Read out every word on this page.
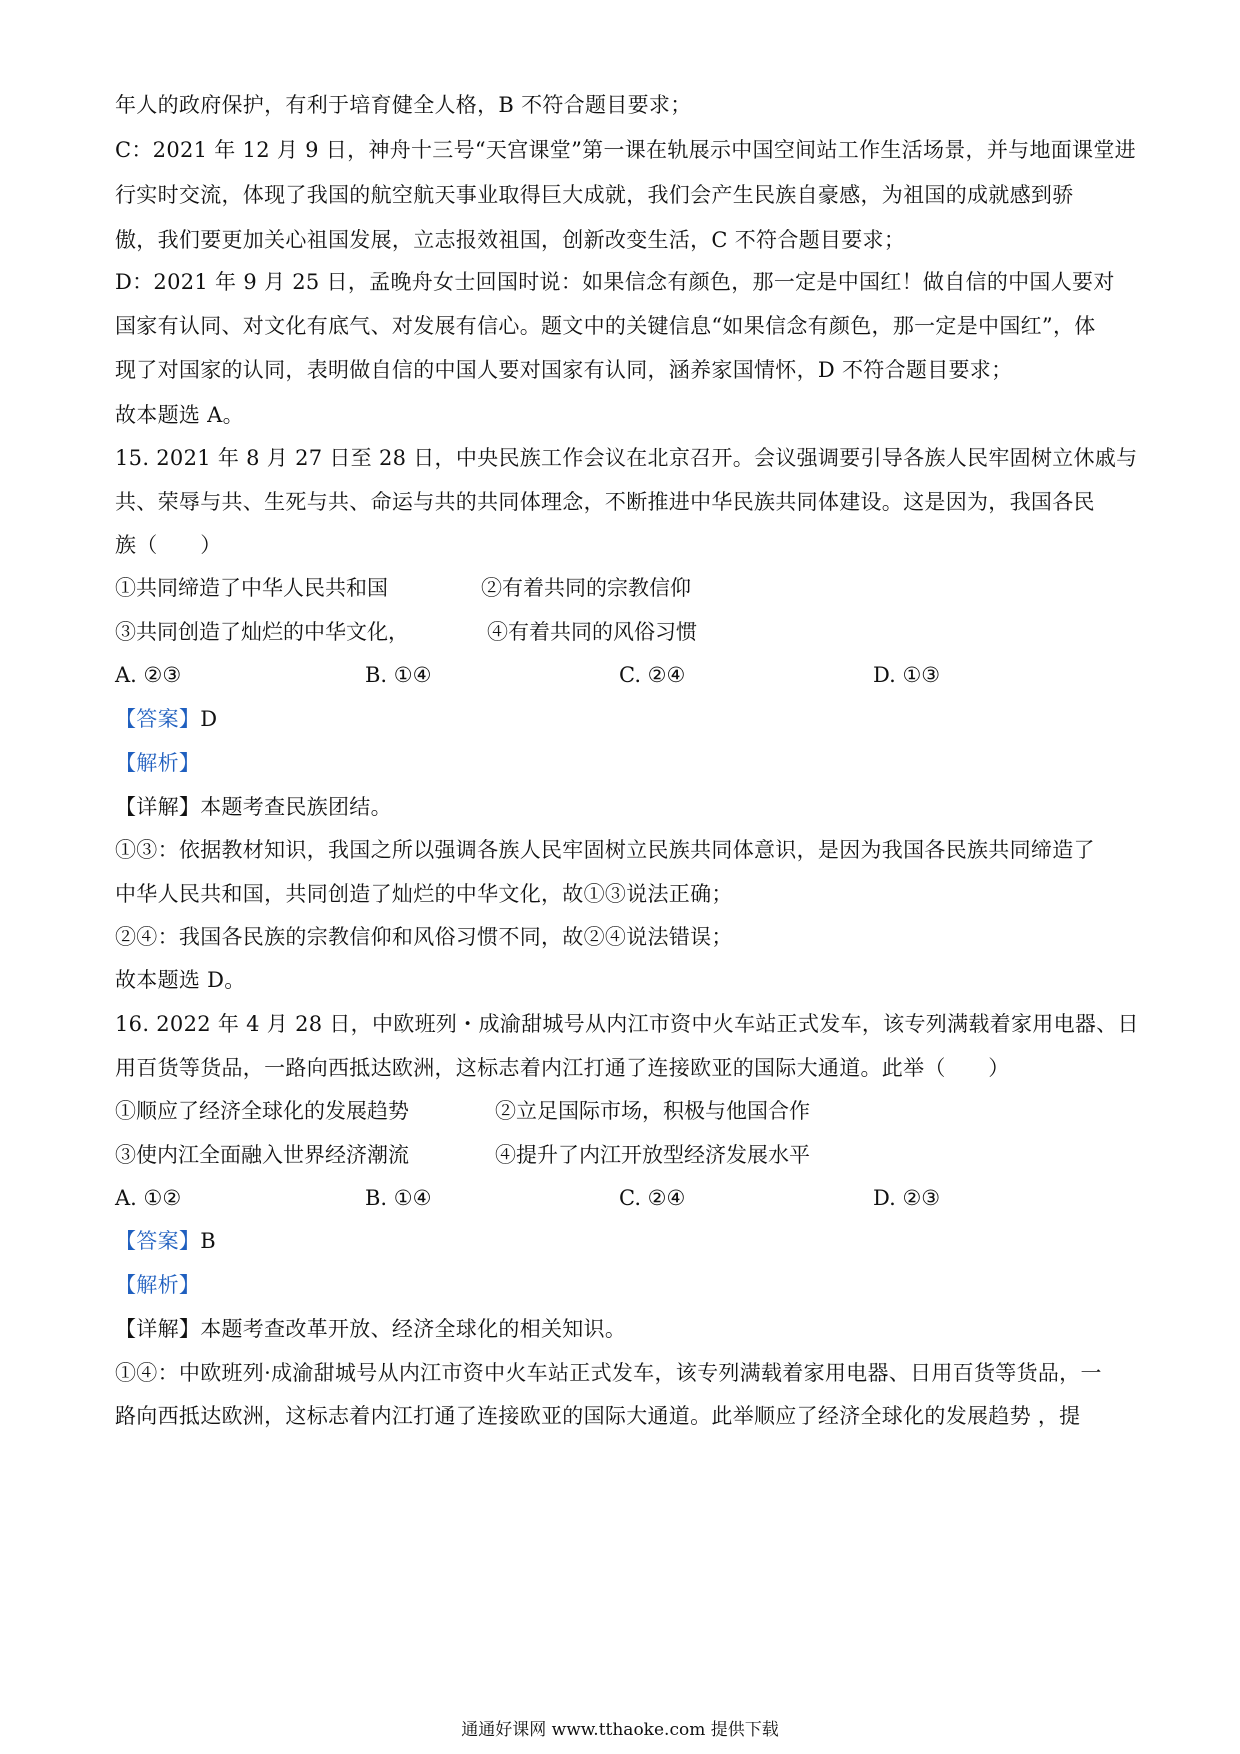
年人的政府保护，有利于培育健全人格，B 不符合题目要求；
C：2021 年 12 月 9 日，神舟十三号“天宫课堂”第一课在轨展示中国空间站工作生活场景，并与地面课堂进
行实时交流，体现了我国的航空航天事业取得巨大成就，我们会产生民族自豪感，为祖国的成就感到骄
傲，我们要更加关心祖国发展，立志报效祖国，创新改变生活，C 不符合题目要求；
D：2021 年 9 月 25 日，孟晚舟女士回国时说：如果信念有颜色，那一定是中国红！做自信的中国人要对
国家有认同、对文化有底气、对发展有信心。题文中的关键信息“如果信念有颜色，那一定是中国红”，体
现了对国家的认同，表明做自信的中国人要对国家有认同，涵养家国情怀，D 不符合题目要求；
故本题选 A。
15. 2021 年 8 月 27 日至 28 日，中央民族工作会议在北京召开。会议强调要引导各族人民牢固树立休戚与
共、荣辱与共、生死与共、命运与共的共同体理念，不断推进中华民族共同体建设。这是因为，我国各民
族（　　）
①共同缔造了中华人民共和国	②有着共同的宗教信仰
③共同创造了灿烂的中华文化，	④有着共同的风俗习惯
A. ②③	B. ①④	C. ②④	D. ①③
【答案】D
【解析】
【详解】本题考查民族团结。
①③：依据教材知识，我国之所以强调各族人民牢固树立民族共同体意识，是因为我国各民族共同缔造了
中华人民共和国，共同创造了灿烂的中华文化，故①③说法正确；
②④：我国各民族的宗教信仰和风俗习惯不同，故②④说法错误；
故本题选 D。
16. 2022 年 4 月 28 日，中欧班列・成渝甜城号从内江市资中火车站正式发车，该专列满载着家用电器、日
用百货等货品，一路向西抵达欧洲，这标志着内江打通了连接欧亚的国际大通道。此举（　　）
①顺应了经济全球化的发展趋势	②立足国际市场，积极与他国合作
③使内江全面融入世界经济潮流	④提升了内江开放型经济发展水平
A. ①②	B. ①④	C. ②④	D. ②③
【答案】B
【解析】
【详解】本题考查改革开放、经济全球化的相关知识。
①④：中欧班列·成渝甜城号从内江市资中火车站正式发车，该专列满载着家用电器、日用百货等货品，一
路向西抵达欧洲，这标志着内江打通了连接欧亚的国际大通道。此举顺应了经济全球化的发展趋势 ，提
通通好课网 www.tthaoke.com 提供下载
